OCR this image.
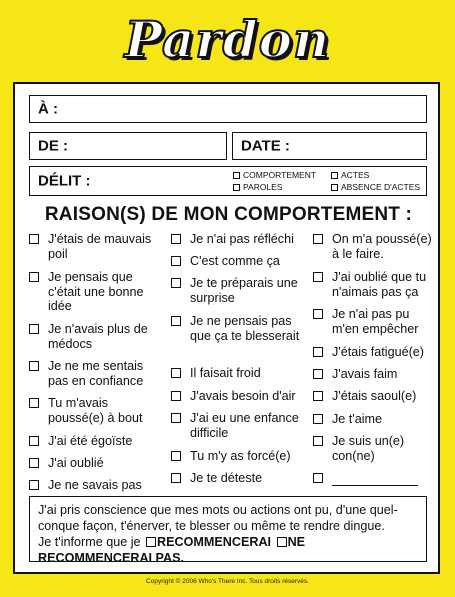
Pardon
À :
DE :	DATE :
DÉLIT :	COMPORTEMENT	ACTES
PAROLES	ABSENCE D'ACTES
RAISON(S) DE MON COMPORTEMENT :
J'étais de mauvais poil
Je pensais que c'était une bonne idée
Je n'avais plus de médocs
Je ne me sentais pas en confiance
Tu m'avais poussé(e) à bout
J'ai été égoïste
J'ai oublié
Je ne savais pas
Je n'ai pas réfléchi
C'est comme ça
Je te préparais une surprise
Je ne pensais pas que ça te blesserait
Il faisait froid
J'avais besoin d'air
J'ai eu une enfance difficile
Tu m'y as forcé(e)
Je te déteste
On m'a poussé(e) à le faire.
J'ai oublié que tu n'aimais pas ça
Je n'ai pas pu m'en empêcher
J'étais fatigué(e)
J'avais faim
J'étais saoul(e)
Je t'aime
Je suis un(e) con(ne)
J'ai pris conscience que mes mots ou actions ont pu, d'une quel- conque façon, t'énerver, te blesser ou même te rendre dingue.
Je t'informe que je RECOMMENCERAI NE RECOMMENCERAI PAS.
Copyright © 2006 Who's There Inc. Tous droits réservés.
